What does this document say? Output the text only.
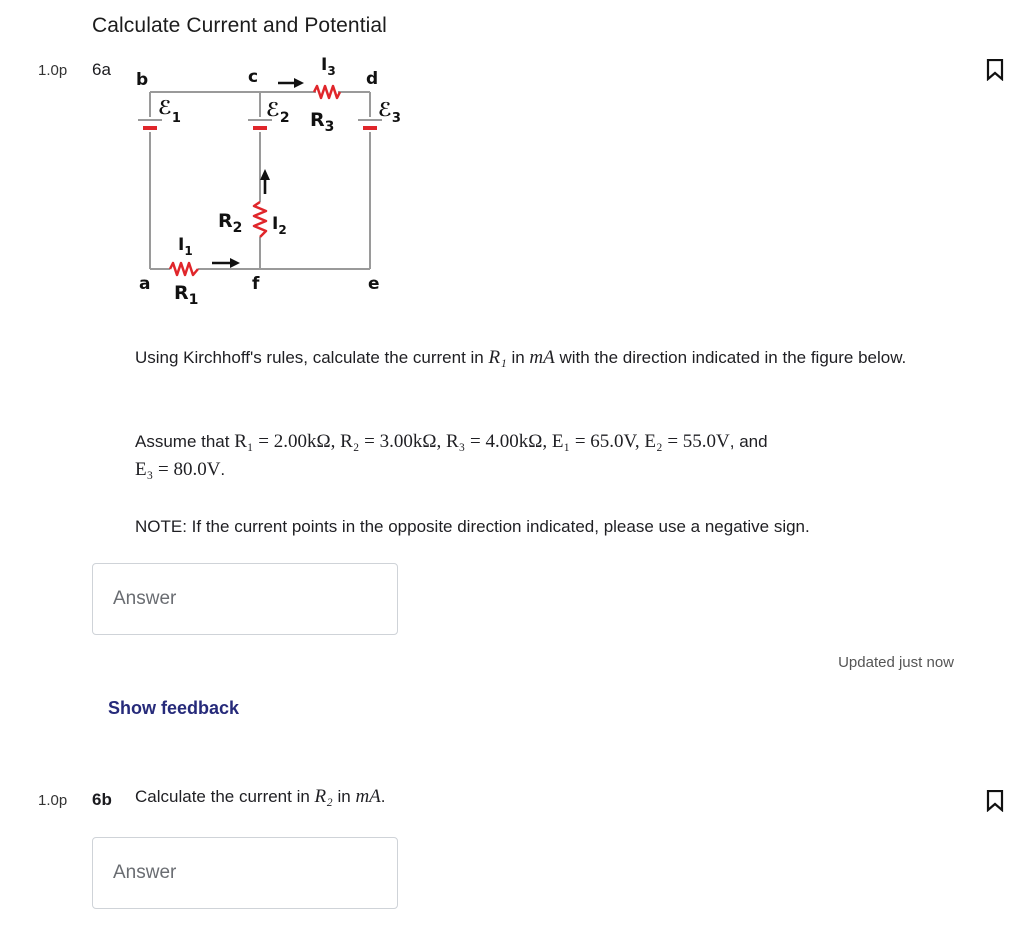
Calculate Current and Potential
1.0p 6a
b	c	d
a	f	e
ℰ$_1$	ℰ$_2$	ℰ$_3$
$R_3$
$I_3$
$R_2$ $I_2$
$I_1$
$R_1$
Using Kirchhoff's rules, calculate the current in R₁ in mA with the direction indicated in the figure below.
Assume that R₁ = 2.00kΩ, R₂ = 3.00kΩ, R₃ = 4.00kΩ, E₁ = 65.0V, E₂ = 55.0V, and
E₃ = 80.0V.
NOTE: If the current points in the opposite direction indicated, please use a negative sign.
Answer
Updated just now
Show feedback
1.0p 6b Calculate the current in R₂ in mA.
Answer
